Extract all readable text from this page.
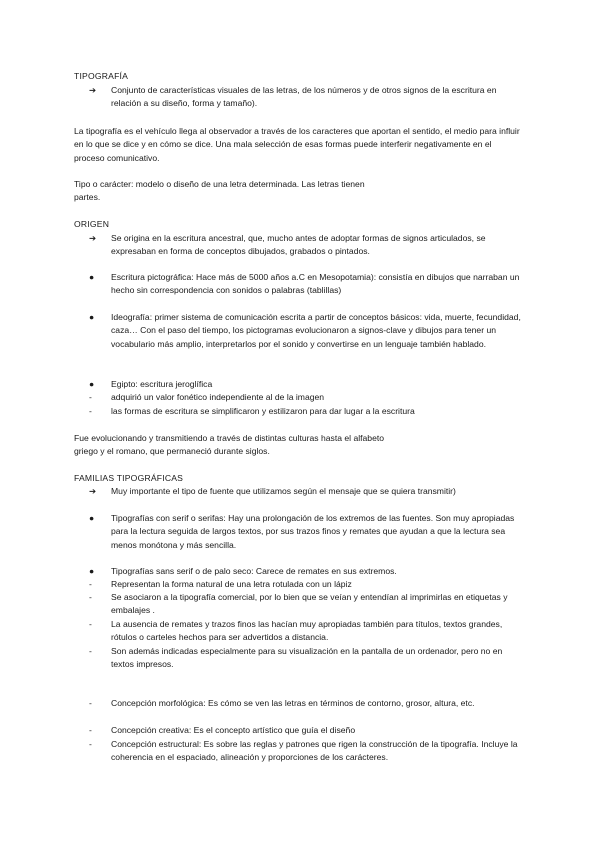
TIPOGRAFÍA
➔	Conjunto de características visuales de las letras, de los números y de otros signos de la escritura en relación a su diseño, forma y tamaño).
La tipografía es el vehículo llega al observador a través de los caracteres que aportan el sentido, el medio para influir en lo que se dice y en cómo se dice. Una mala selección de esas formas puede interferir negativamente en el proceso comunicativo.
Tipo o carácter: modelo o diseño de una letra determinada. Las letras tienen
partes.
ORIGEN
➔	Se origina en la escritura ancestral, que, mucho antes de adoptar formas de signos articulados, se expresaban en forma de conceptos dibujados, grabados o pintados.
●	Escritura pictográfica: Hace más de 5000 años a.C en Mesopotamia): consistía en dibujos que narraban un hecho sin correspondencia con sonidos o palabras (tablillas)
●	Ideografía: primer sistema de comunicación escrita a partir de conceptos básicos: vida, muerte, fecundidad, caza… Con el paso del tiempo, los pictogramas evolucionaron a signos-clave y dibujos para tener un vocabulario más amplio, interpretarlos por el sonido y convertirse en un lenguaje también hablado.
●	Egipto: escritura jeroglífica
-	adquirió un valor fonético independiente al de la imagen
-	las formas de escritura se simplificaron y estilizaron para dar lugar a la escritura
Fue evolucionando y transmitiendo a través de distintas culturas hasta el alfabeto
griego y el romano, que permaneció durante siglos.
FAMILIAS TIPOGRÁFICAS
➔	Muy importante el tipo de fuente que utilizamos según el mensaje que se quiera transmitir)
●	Tipografías con serif o serifas: Hay una prolongación de los extremos de las fuentes. Son muy apropiadas para la lectura seguida de largos textos, por sus trazos finos y remates que ayudan a que la lectura sea menos monótona y más sencilla.
●	Tipografías sans serif o de palo seco: Carece de remates en sus extremos.
-	Representan la forma natural de una letra rotulada con un lápiz
-	Se asociaron a la tipografía comercial, por lo bien que se veían y entendían al imprimirlas en etiquetas y embalajes .
-	La ausencia de remates y trazos finos las hacían muy apropiadas también para títulos, textos grandes, rótulos o carteles hechos para ser advertidos a distancia.
-	Son además indicadas especialmente para su visualización en la pantalla de un ordenador, pero no en textos impresos.
-	Concepción morfológica: Es cómo se ven las letras en términos de contorno, grosor, altura, etc.
-	Concepción creativa: Es el concepto artístico que guía el diseño
-	Concepción estructural: Es sobre las reglas y patrones que rigen la construcción de la tipografía. Incluye la coherencia en el espaciado, alineación y proporciones de los carácteres.
